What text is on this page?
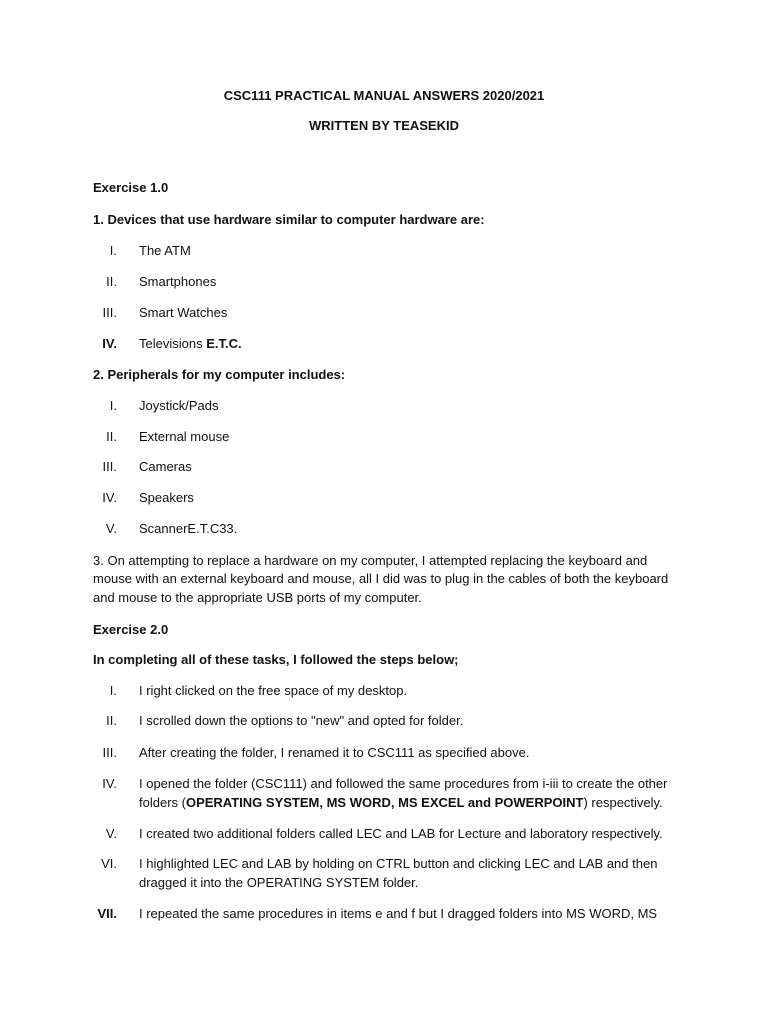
CSC111 PRACTICAL MANUAL ANSWERS 2020/2021
WRITTEN BY TEASEKID
Exercise 1.0
1. Devices that use hardware similar to computer hardware are:
I. The ATM
II. Smartphones
III. Smart Watches
IV. Televisions E.T.C.
2. Peripherals for my computer includes:
I. Joystick/Pads
II. External mouse
III. Cameras
IV. Speakers
V. ScannerE.T.C33.
3. On attempting to replace a hardware on my computer, I attempted replacing the keyboard and
mouse with an external keyboard and mouse, all I did was to plug in the cables of both the keyboard
and mouse to the appropriate USB ports of my computer.
Exercise 2.0
In completing all of these tasks, I followed the steps below;
I. I right clicked on the free space of my desktop.
II. I scrolled down the options to "new" and opted for folder.
III. After creating the folder, I renamed it to CSC111 as specified above.
IV. I opened the folder (CSC111) and followed the same procedures from i-iii to create the other
folders (OPERATING SYSTEM, MS WORD, MS EXCEL and POWERPOINT) respectively.
V. I created two additional folders called LEC and LAB for Lecture and laboratory respectively.
VI. I highlighted LEC and LAB by holding on CTRL button and clicking LEC and LAB and then
dragged it into the OPERATING SYSTEM folder.
VII. I repeated the same procedures in items e and f but I dragged folders into MS WORD, MS
